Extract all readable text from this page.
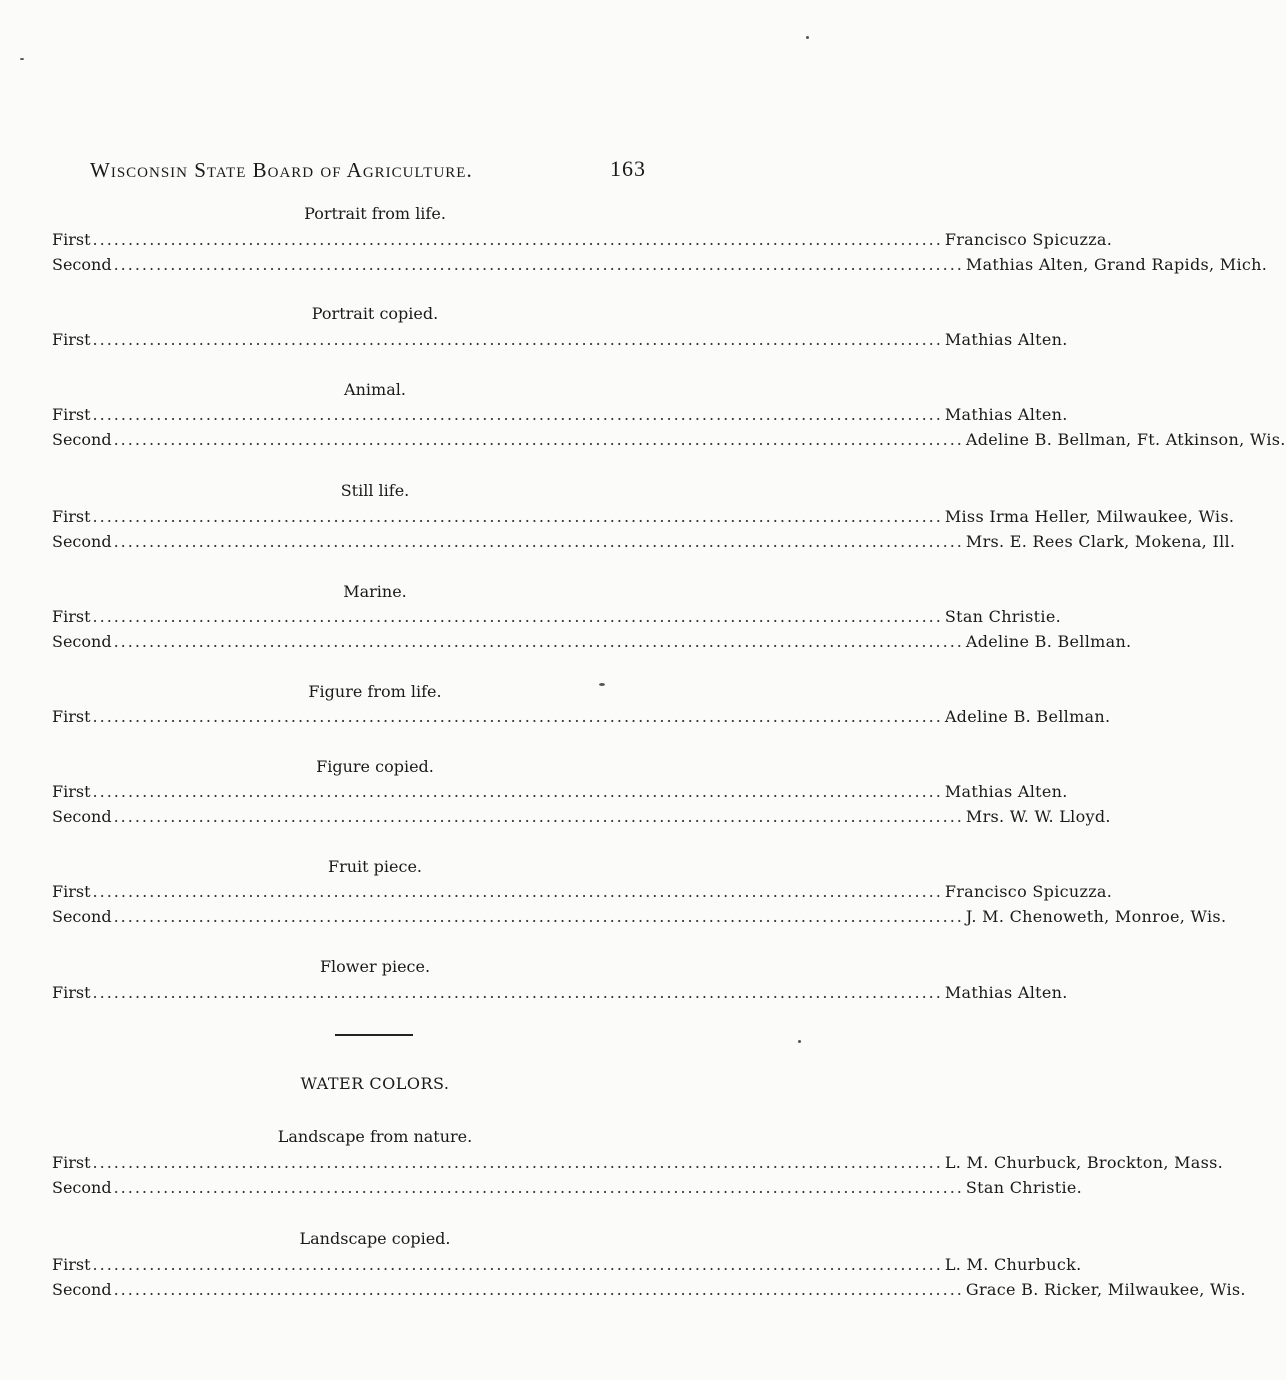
Wisconsin State Board of Agriculture.	163
Portrait from life.
First ........................................................................................................................ Francisco Spicuzza.
Second ........................................................................................................................ Mathias Alten, Grand Rapids, Mich.
Portrait copied.
First ........................................................................................................................ Mathias Alten.
Animal.
First ........................................................................................................................ Mathias Alten.
Second ........................................................................................................................ Adeline B. Bellman, Ft. Atkinson, Wis.
Still life.
First ........................................................................................................................ Miss Irma Heller, Milwaukee, Wis.
Second ........................................................................................................................ Mrs. E. Rees Clark, Mokena, Ill.
Marine.
First ........................................................................................................................ Stan Christie.
Second ........................................................................................................................ Adeline B. Bellman.
Figure from life.
First ........................................................................................................................ Adeline B. Bellman.
Figure copied.
First ........................................................................................................................ Mathias Alten.
Second ........................................................................................................................ Mrs. W. W. Lloyd.
Fruit piece.
First ........................................................................................................................ Francisco Spicuzza.
Second ........................................................................................................................ J. M. Chenoweth, Monroe, Wis.
Flower piece.
First ........................................................................................................................ Mathias Alten.
WATER COLORS.
Landscape from nature.
First ........................................................................................................................ L. M. Churbuck, Brockton, Mass.
Second ........................................................................................................................ Stan Christie.
Landscape copied.
First ........................................................................................................................ L. M. Churbuck.
Second ........................................................................................................................ Grace B. Ricker, Milwaukee, Wis.
